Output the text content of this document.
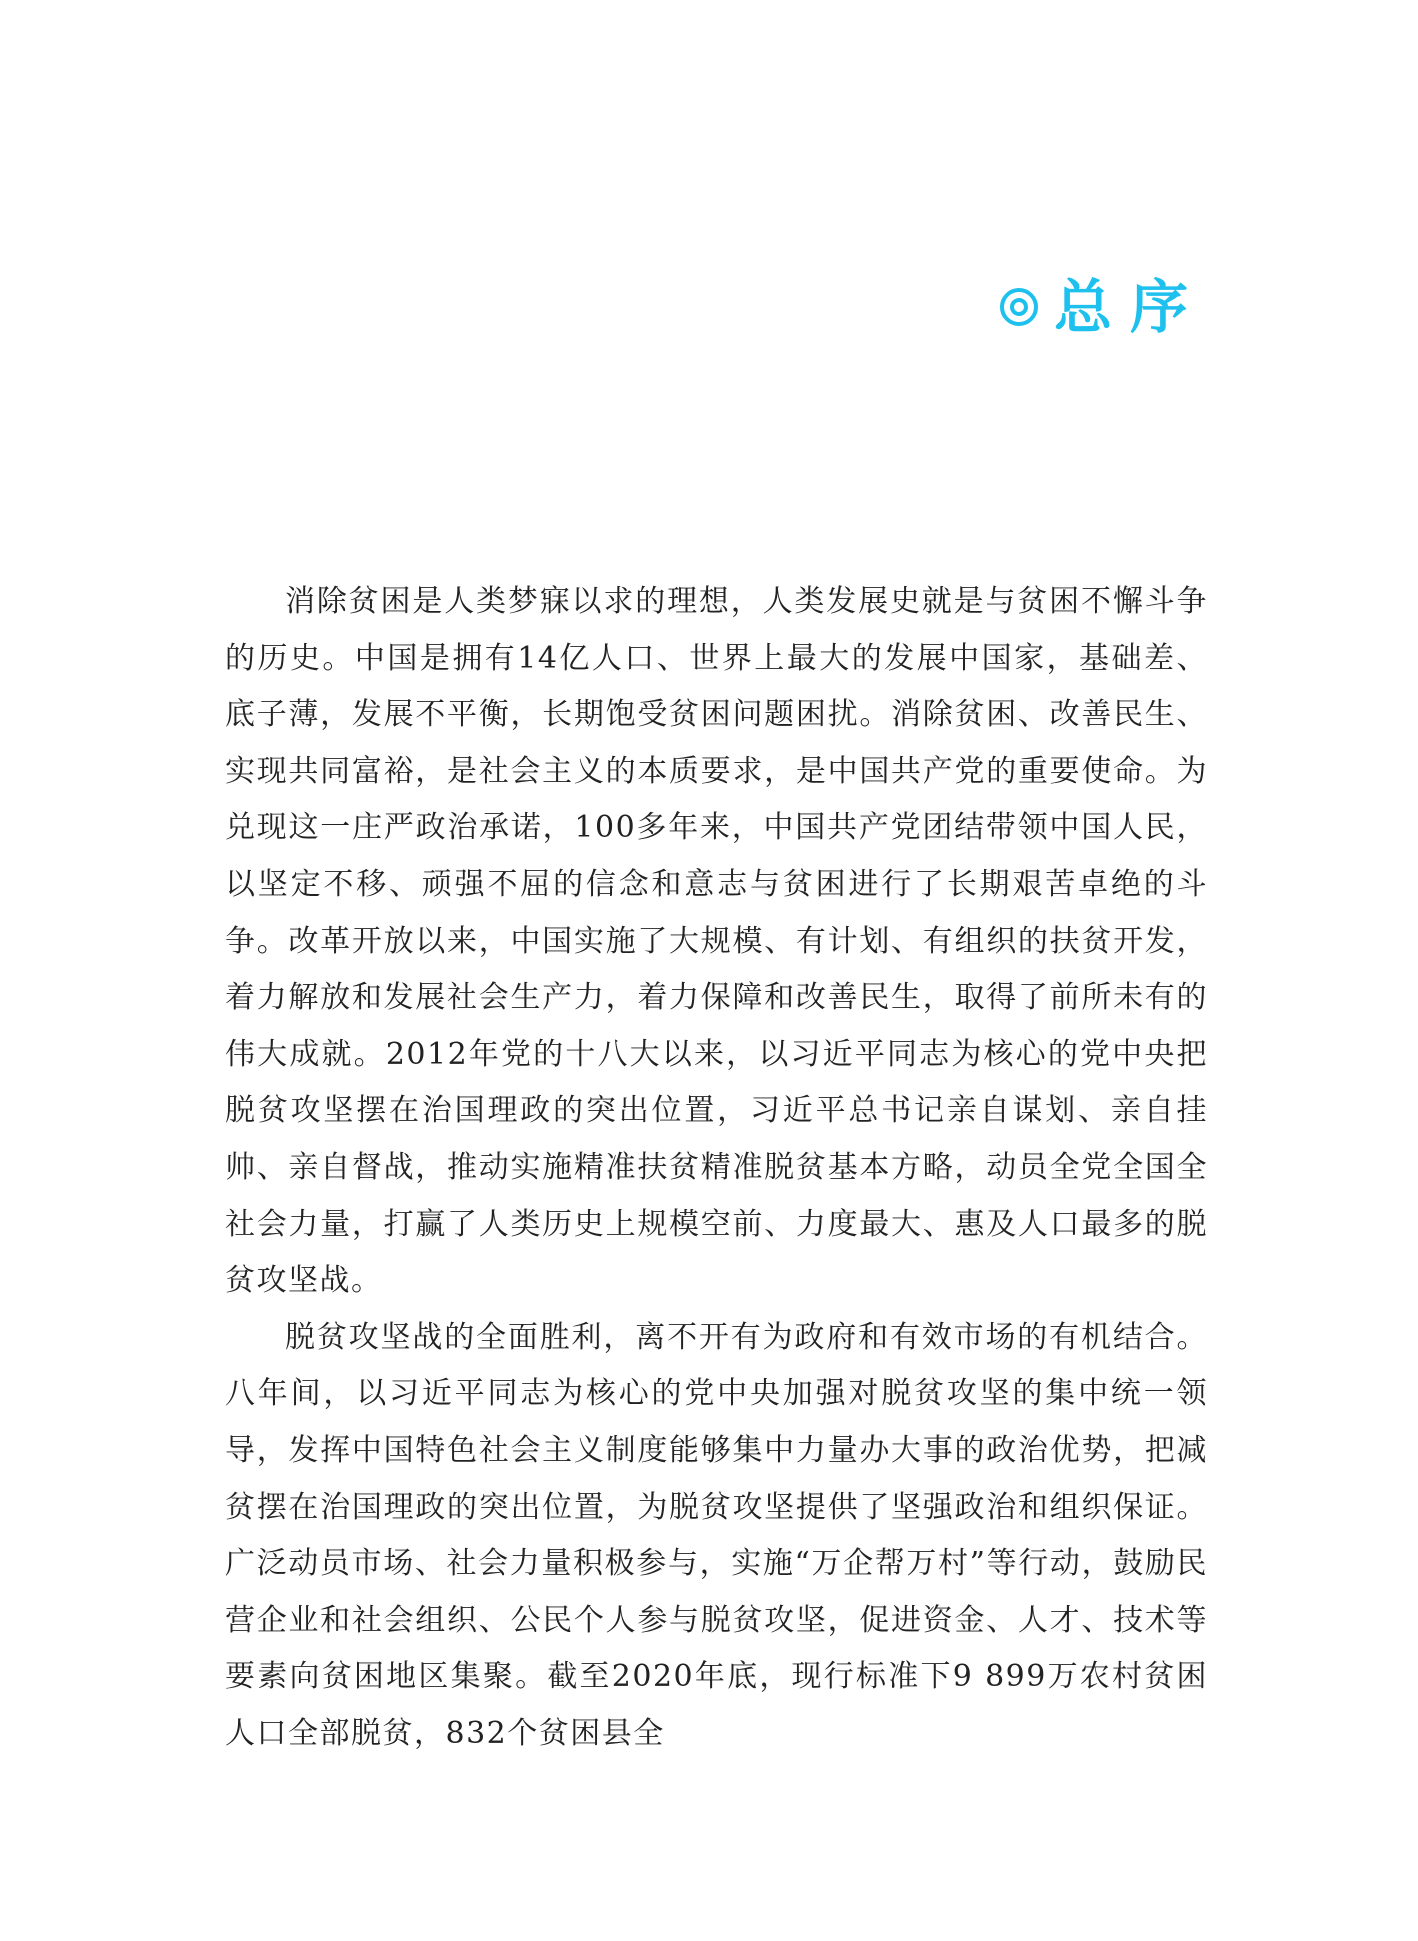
总序

消除贫困是人类梦寐以求的理想，人类发展史就是与贫困不懈斗争的历史。中国是拥有14亿人口、世界上最大的发展中国家，基础差、底子薄，发展不平衡，长期饱受贫困问题困扰。消除贫困、改善民生、实现共同富裕，是社会主义的本质要求，是中国共产党的重要使命。为兑现这一庄严政治承诺，100多年来，中国共产党团结带领中国人民，以坚定不移、顽强不屈的信念和意志与贫困进行了长期艰苦卓绝的斗争。改革开放以来，中国实施了大规模、有计划、有组织的扶贫开发，着力解放和发展社会生产力，着力保障和改善民生，取得了前所未有的伟大成就。2012年党的十八大以来，以习近平同志为核心的党中央把脱贫攻坚摆在治国理政的突出位置，习近平总书记亲自谋划、亲自挂帅、亲自督战，推动实施精准扶贫精准脱贫基本方略，动员全党全国全社会力量，打赢了人类历史上规模空前、力度最大、惠及人口最多的脱贫攻坚战。

脱贫攻坚战的全面胜利，离不开有为政府和有效市场的有机结合。八年间，以习近平同志为核心的党中央加强对脱贫攻坚的集中统一领导，发挥中国特色社会主义制度能够集中力量办大事的政治优势，把减贫摆在治国理政的突出位置，为脱贫攻坚提供了坚强政治和组织保证。广泛动员市场、社会力量积极参与，实施“万企帮万村”等行动，鼓励民营企业和社会组织、公民个人参与脱贫攻坚，促进资金、人才、技术等要素向贫困地区集聚。截至2020年底，现行标准下9 899万农村贫困人口全部脱贫，832个贫困县全
